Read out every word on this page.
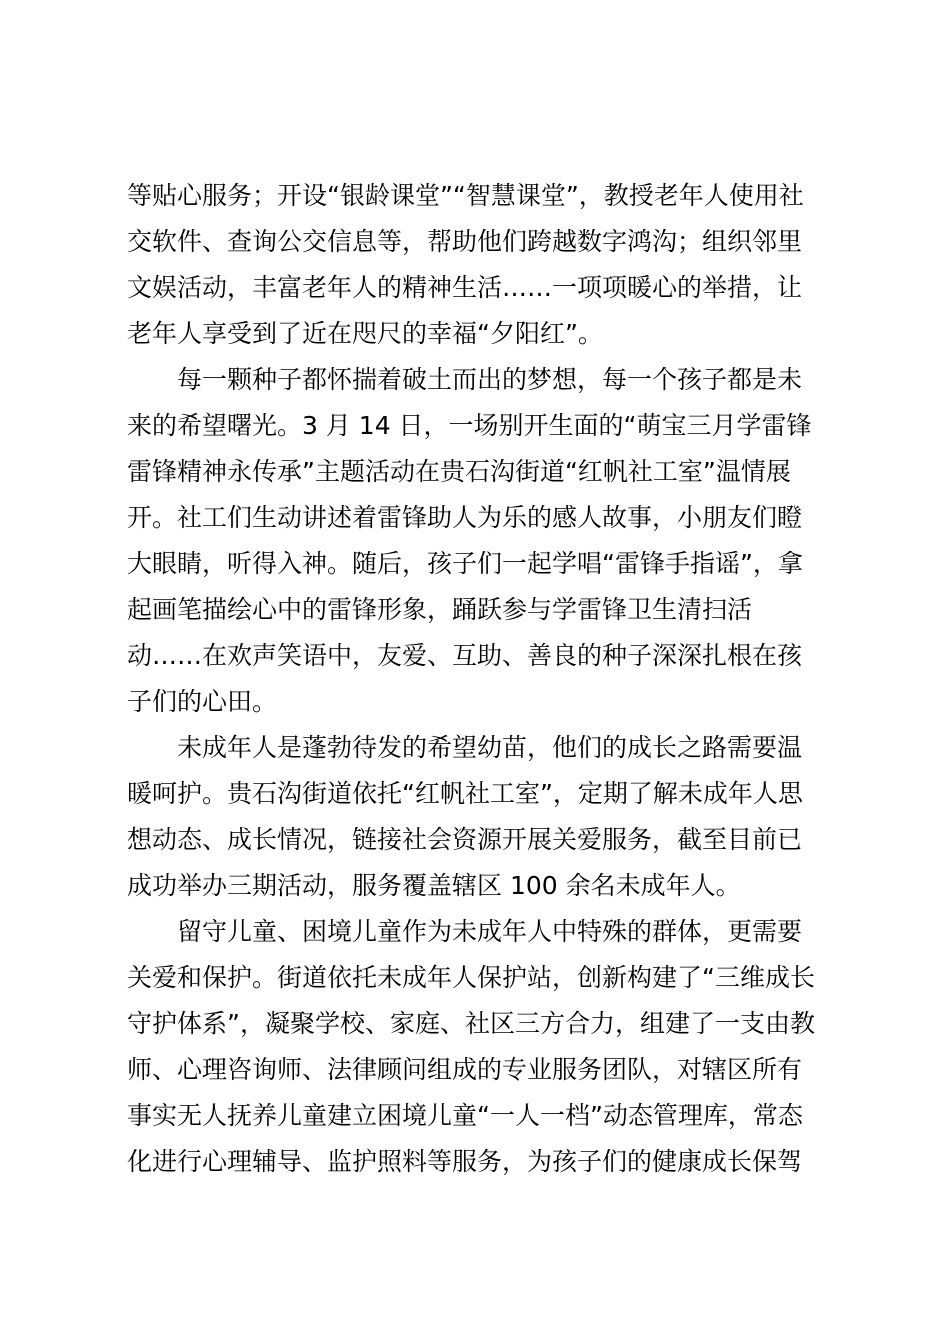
等贴心服务；开设“银龄课堂”“智慧课堂”，教授老年人使用社
交软件、查询公交信息等，帮助他们跨越数字鸿沟；组织邻里
文娱活动，丰富老年人的精神生活……一项项暖心的举措，让
老年人享受到了近在咫尺的幸福“夕阳红”。
每一颗种子都怀揣着破土而出的梦想，每一个孩子都是未
来的希望曙光。3 月 14 日，一场别开生面的“萌宝三月学雷锋
雷锋精神永传承”主题活动在贵石沟街道“红帆社工室”温情展
开。社工们生动讲述着雷锋助人为乐的感人故事，小朋友们瞪
大眼睛，听得入神。随后，孩子们一起学唱“雷锋手指谣”，拿
起画笔描绘心中的雷锋形象，踊跃参与学雷锋卫生清扫活
动……在欢声笑语中，友爱、互助、善良的种子深深扎根在孩
子们的心田。
未成年人是蓬勃待发的希望幼苗，他们的成长之路需要温
暖呵护。贵石沟街道依托“红帆社工室”，定期了解未成年人思
想动态、成长情况，链接社会资源开展关爱服务，截至目前已
成功举办三期活动，服务覆盖辖区 100 余名未成年人。
留守儿童、困境儿童作为未成年人中特殊的群体，更需要
关爱和保护。街道依托未成年人保护站，创新构建了“三维成长
守护体系”，凝聚学校、家庭、社区三方合力，组建了一支由教
师、心理咨询师、法律顾问组成的专业服务团队，对辖区所有
事实无人抚养儿童建立困境儿童“一人一档”动态管理库，常态
化进行心理辅导、监护照料等服务，为孩子们的健康成长保驾
